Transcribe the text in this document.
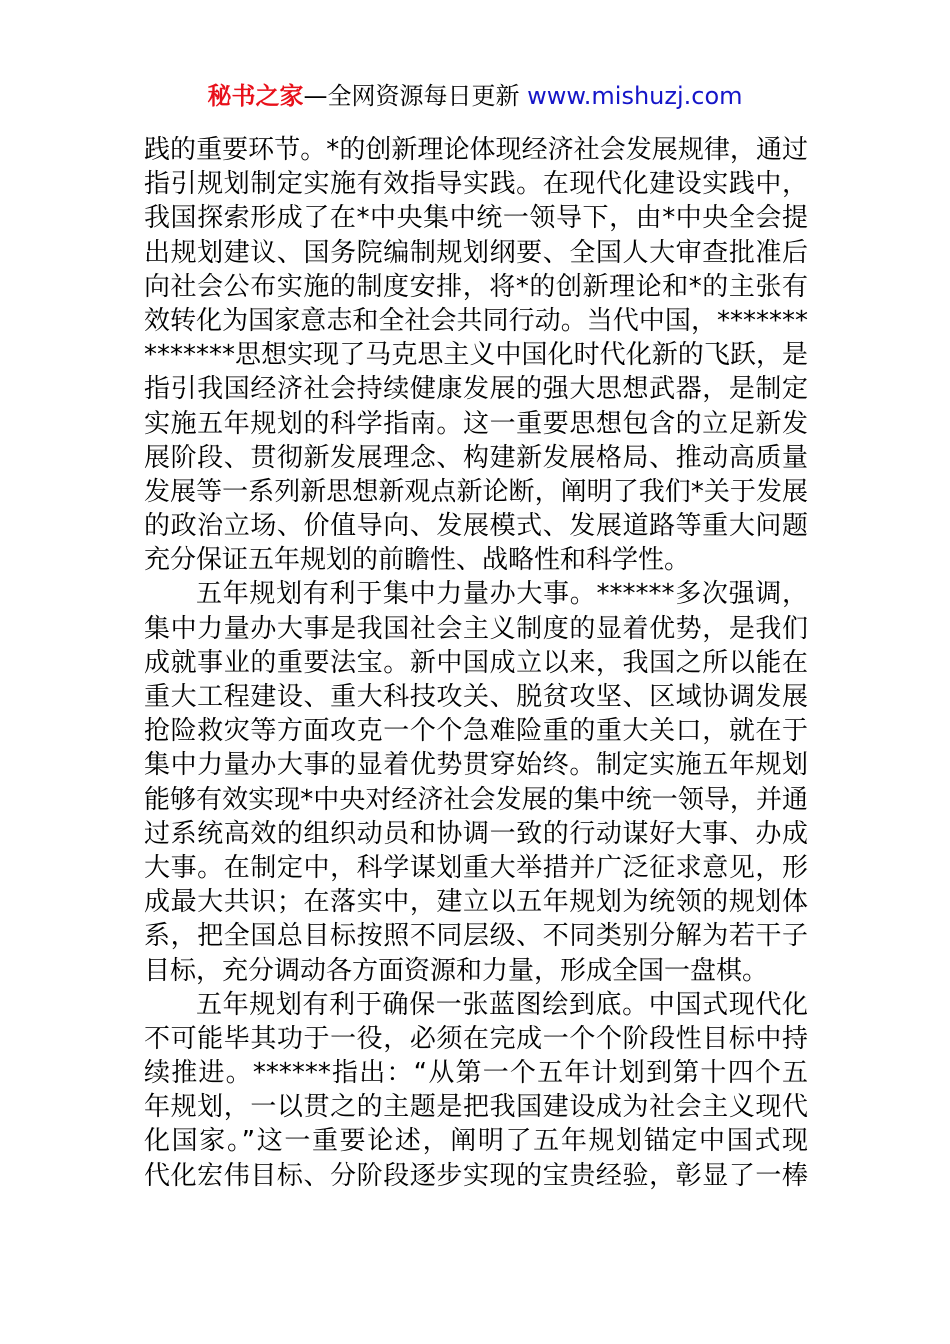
秘书之家—全网资源每日更新 www.mishuzj.com
践的重要环节。*的创新理论体现经济社会发展规律，通过
指引规划制定实施有效指导实践。在现代化建设实践中，
我国探索形成了在*中央集中统一领导下，由*中央全会提
出规划建议、国务院编制规划纲要、全国人大审查批准后
向社会公布实施的制度安排，将*的创新理论和*的主张有
效转化为国家意志和全社会共同行动。当代中国，*******
*******思想实现了马克思主义中国化时代化新的飞跃，是
指引我国经济社会持续健康发展的强大思想武器，是制定
实施五年规划的科学指南。这一重要思想包含的立足新发
展阶段、贯彻新发展理念、构建新发展格局、推动高质量
发展等一系列新思想新观点新论断，阐明了我们*关于发展
的政治立场、价值导向、发展模式、发展道路等重大问题
充分保证五年规划的前瞻性、战略性和科学性。
五年规划有利于集中力量办大事。******多次强调，
集中力量办大事是我国社会主义制度的显着优势，是我们
成就事业的重要法宝。新中国成立以来，我国之所以能在
重大工程建设、重大科技攻关、脱贫攻坚、区域协调发展
抢险救灾等方面攻克一个个急难险重的重大关口，就在于
集中力量办大事的显着优势贯穿始终。制定实施五年规划
能够有效实现*中央对经济社会发展的集中统一领导，并通
过系统高效的组织动员和协调一致的行动谋好大事、办成
大事。在制定中，科学谋划重大举措并广泛征求意见，形
成最大共识；在落实中，建立以五年规划为统领的规划体
系，把全国总目标按照不同层级、不同类别分解为若干子
目标，充分调动各方面资源和力量，形成全国一盘棋。
五年规划有利于确保一张蓝图绘到底。中国式现代化
不可能毕其功于一役，必须在完成一个个阶段性目标中持
续推进。******指出：“从第一个五年计划到第十四个五
年规划，一以贯之的主题是把我国建设成为社会主义现代
化国家。”这一重要论述，阐明了五年规划锚定中国式现
代化宏伟目标、分阶段逐步实现的宝贵经验，彰显了一棒
